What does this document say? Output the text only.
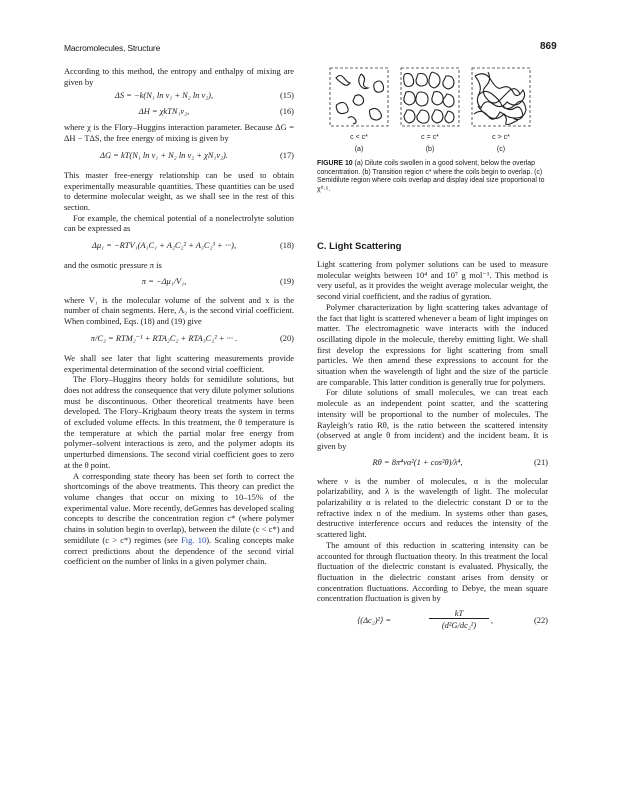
Macromolecules, Structure	869

According to this method, the entropy and enthalpy of mixing are given by

ΔS = −k(N₁ ln v₁ + N₂ ln v₂),	(15)
ΔH = χkTN₁v₂,	(16)

where χ is the Flory–Huggins interaction parameter. Because ΔG = ΔH − TΔS, the free energy of mixing is given by

ΔG = kT(N₁ ln v₁ + N₂ ln v₂ + χN₁v₂).	(17)

This master free-energy relationship can be used to obtain experimentally measurable quantities. These quantities can be used to determine molecular weight, as we shall see in the rest of this section.

For example, the chemical potential of a nonelectrolyte solution can be expressed as

Δμ₁ = −RTV₁(A₁C₁ + A₂C₂² + A₃C₂³ + ···),	(18)

and the osmotic pressure π is

π = −Δμ₁/V₁,	(19)

where V₁ is the molecular volume of the solvent and x is the number of chain segments. Here, A₂ is the second virial coefficient. When combined, Eqs. (18) and (19) give

π/C₂ = RTM₂⁻¹ + RTA₂C₂ + RTA₃C₂² + ··· .	(20)

We shall see later that light scattering measurements provide experimental determination of the second virial coefficient.

The Flory–Huggins theory holds for semidilute solutions, but does not address the consequence that very dilute polymer solutions must be discontinuous. Other theoretical treatments have been developed. The Flory–Krigbaum theory treats the system in terms of excluded volume effects. In this treatment, the θ temperature is the temperature at which the partial molar free energy from polymer–solvent interactions is zero, and the polymer adopts its unperturbed dimensions. The second virial coefficient goes to zero at the θ point.

A corresponding state theory has been set forth to correct the shortcomings of the above treatments. This theory can predict the volume changes that occur on mixing to 10–15% of the experimental value. More recently, deGennes has developed scaling concepts to describe the concentration region c* (where polymer chains in solution begin to overlap), between the dilute (c < c*) and semidilute (c > c*) regimes (see Fig. 10). Scaling concepts make correct predictions about the dependence of the second virial coefficient on the number of links in a given polymer chain.

c < c*	c = c*	c > c*
(a)	(b)	(c)
FIGURE 10 (a) Dilute coils swollen in a good solvent, below the overlap concentration. (b) Transition region c* where the coils begin to overlap. (c) Semidilute region where coils overlap and display ideal size proportional to χ⁰·⁵.
C. Light Scattering

Light scattering from polymer solutions can be used to measure molecular weights between 10⁴ and 10⁷ g mol⁻¹. This method is very useful, as it provides the weight average molecular weight, the second virial coefficient, and the radius of gyration.

Polymer characterization by light scattering takes advantage of the fact that light is scattered whenever a beam of light impinges on matter. The electromagnetic wave interacts with the induced oscillating dipole in the molecule, thereby emitting light. We shall first develop the expressions for light scattering from small particles. We then amend these expressions to account for the situation when the wavelength of light and the size of the particle are comparable. This latter condition is generally true for polymers.

For dilute solutions of small molecules, we can treat each molecule as an independent point scatter, and the scattering intensity will be proportional to the number of molecules. The Rayleigh’s ratio Rθ, is the ratio between the scattered intensity (observed at angle θ from incident) and the incident beam. It is given by

Rθ = 8π⁴να²(1 + cos²θ)/λ⁴,	(21)

where ν is the number of molecules, α is the molecular polarizability, and λ is the wavelength of light. The molecular polarizability α is related to the dielectric constant D or to the refractive index n of the medium. In systems other than gases, destructive interference occurs and reduces the intensity of the scattered light.

The amount of this reduction in scattering intensity can be accounted for through fluctuation theory. In this treatment the local fluctuation of the dielectric constant is evaluated. Physically, the fluctuation in the dielectric constant arises from density or concentration fluctuations. According to Debye, the mean square concentration fluctuation is given by

⟨(Δc₂)²⟩ =
kT
(d²G/dc₂²)	,	(22)
